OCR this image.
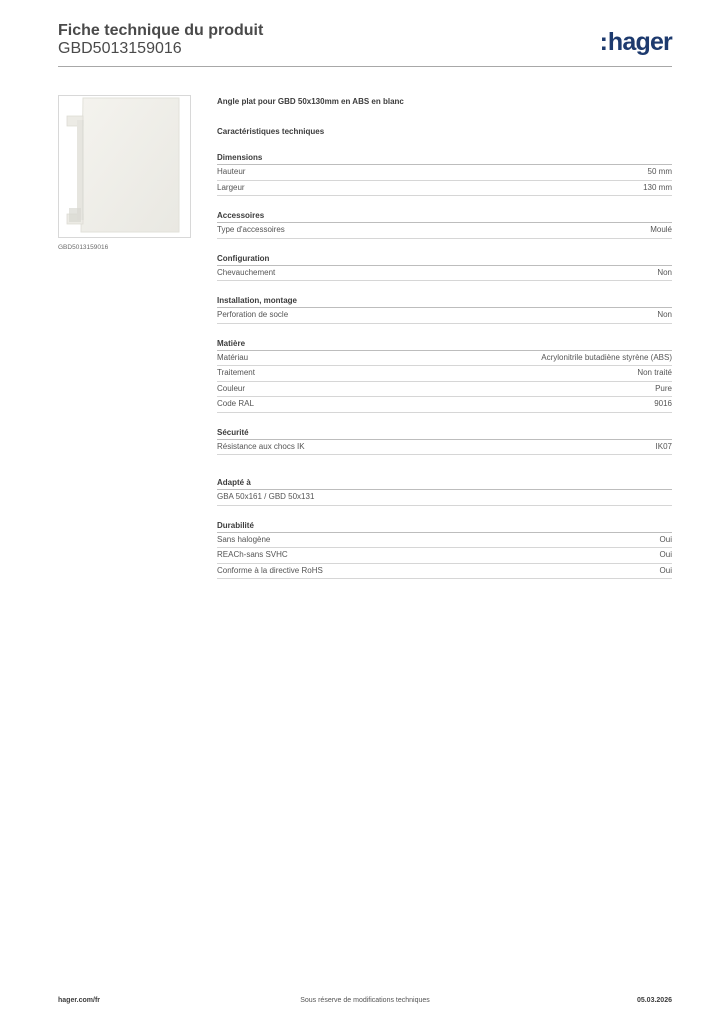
Fiche technique du produit
GBD5013159016	:hager
GBD5013159016
Angle plat pour GBD 50x130mm en ABS en blanc
Caractéristiques techniques
Dimensions
Hauteur	50 mm
Largeur	130 mm
Accessoires
Type d'accessoires	Moulé
Configuration
Chevauchement	Non
Installation, montage
Perforation de socle	Non
Matière
Matériau	Acrylonitrile butadiène styrène (ABS)
Traitement	Non traité
Couleur	Pure
Code RAL	9016
Sécurité
Résistance aux chocs IK	IK07
Adapté à
GBA 50x161 / GBD 50x131
Durabilité
Sans halogène	Oui
REACh-sans SVHC	Oui
Conforme à la directive RoHS	Oui
hager.com/fr	Sous réserve de modifications techniques	05.03.2026
